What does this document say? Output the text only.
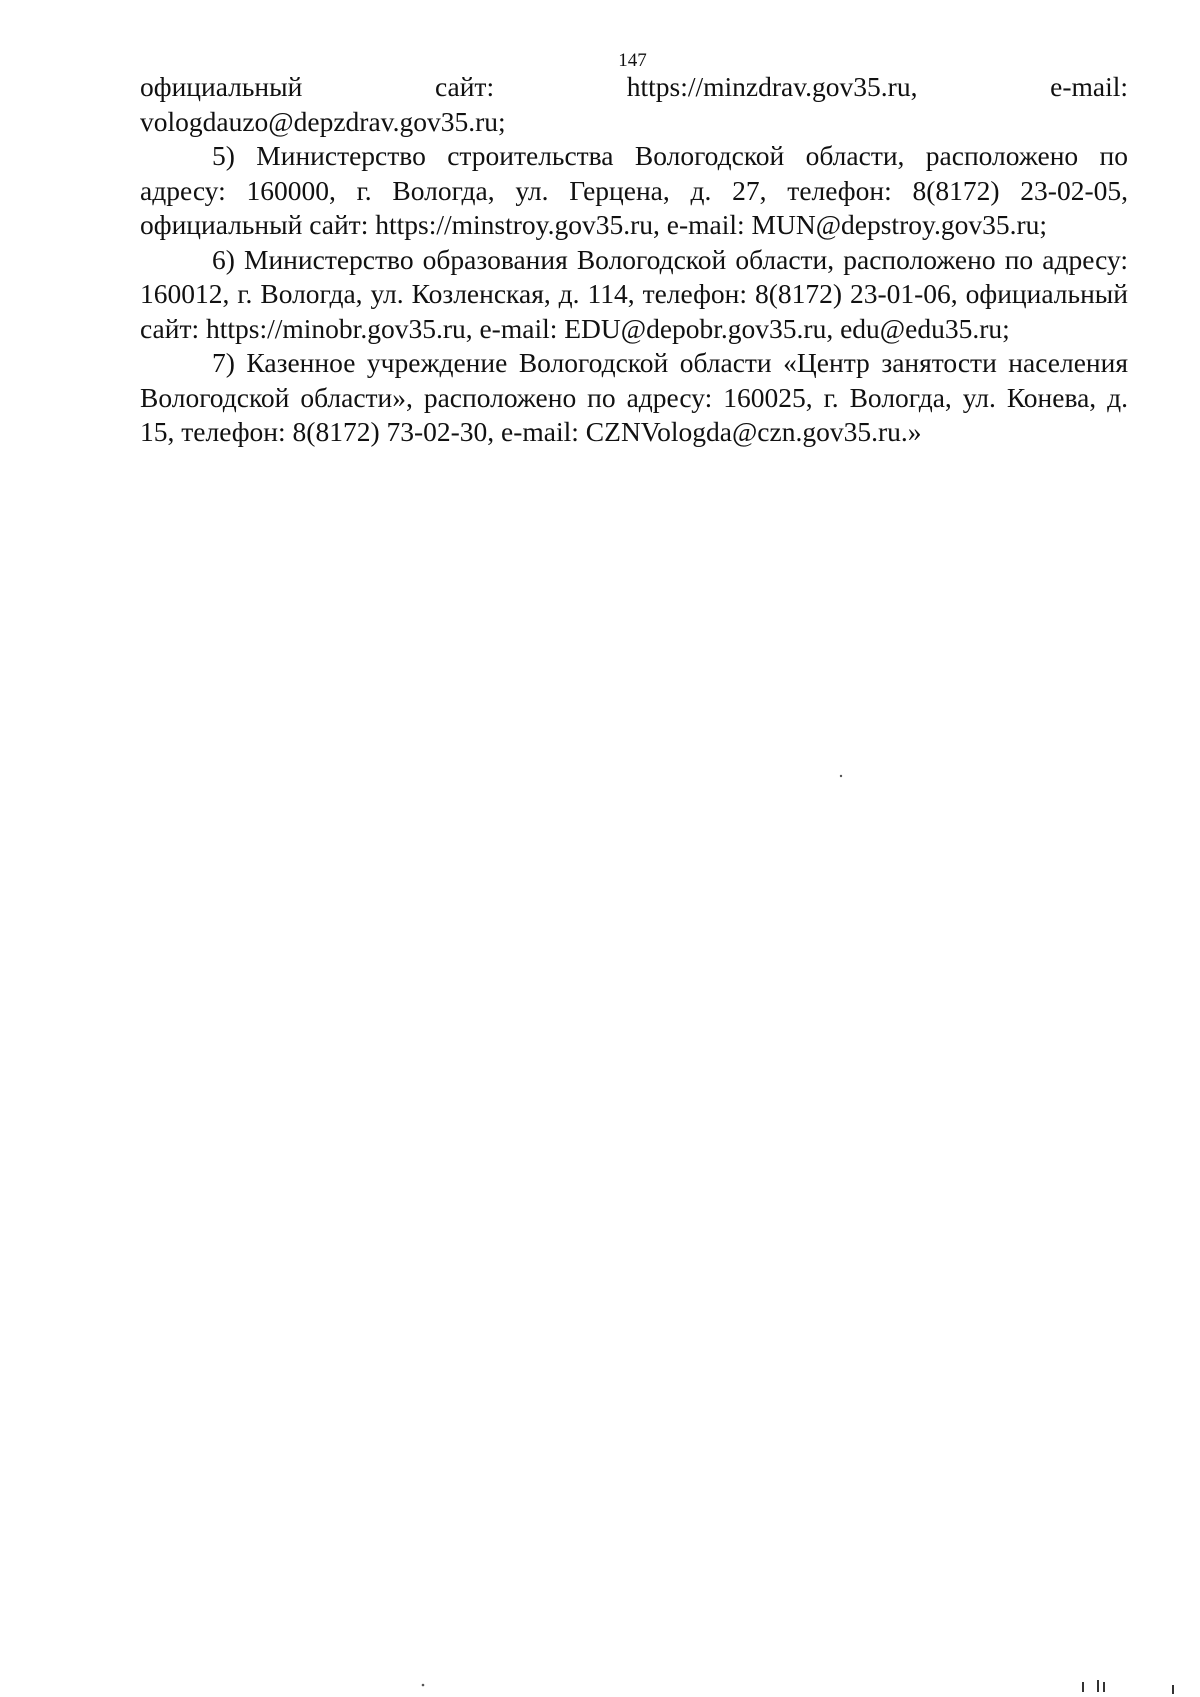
147
официальный	сайт:	https://minzdrav.gov35.ru,	e-mail:
vologdauzo@depzdrav.gov35.ru;

5) Министерство строительства Вологодской области, расположено по адресу: 160000, г. Вологда, ул. Герцена, д. 27, телефон: 8(8172) 23-02-05, официальный сайт: https://minstroy.gov35.ru, e-mail: MUN@depstroy.gov35.ru;

6) Министерство образования Вологодской области, расположено по адресу: 160012, г. Вологда, ул. Козленская, д. 114, телефон: 8(8172) 23-01-06, официальный сайт: https://minobr.gov35.ru, e-mail: EDU@depobr.gov35.ru, edu@edu35.ru;

7) Казенное учреждение Вологодской области «Центр занятости населения Вологодской области», расположено по адресу: 160025, г. Вологда, ул. Конева, д. 15, телефон: 8(8172) 73-02-30, e-mail: CZNVologda@czn.gov35.ru.»
